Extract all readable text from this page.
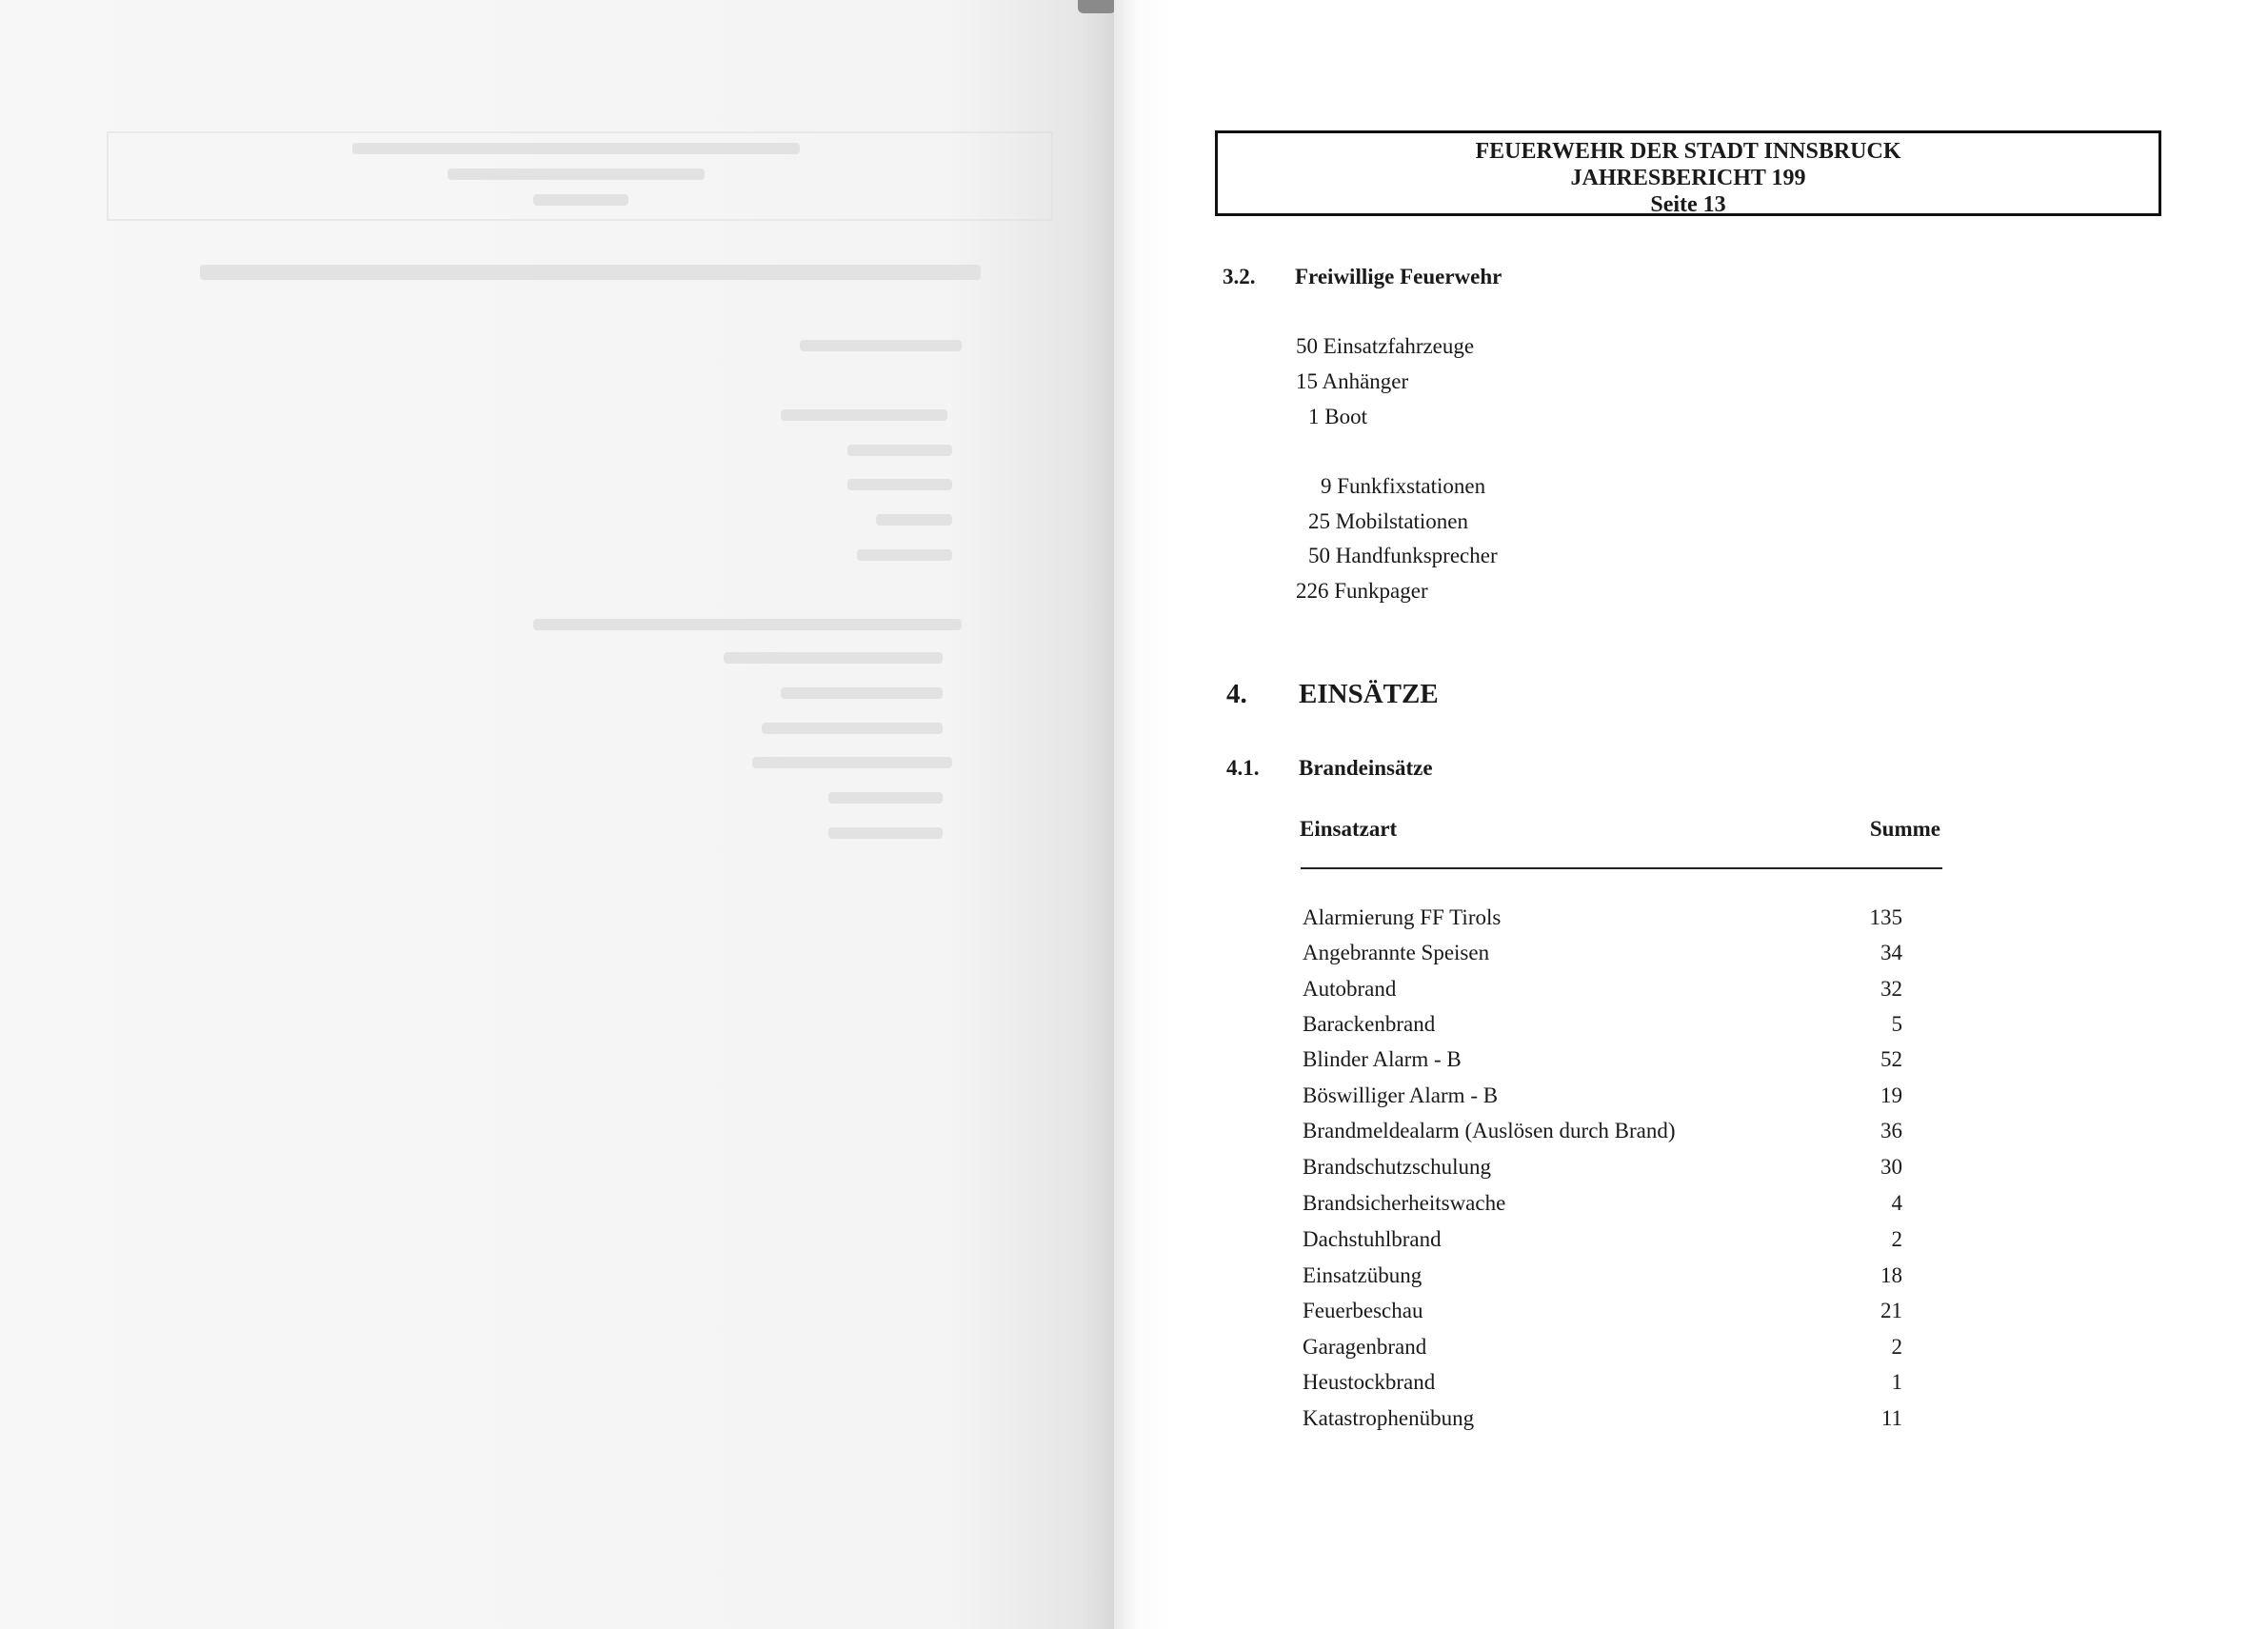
FEUERWEHR DER STADT INNSBRUCK
JAHRESBERICHT 199
Seite 13
3.2. Freiwillige Feuerwehr
50 Einsatzfahrzeuge
15 Anhänger
1 Boot
9 Funkfixstationen
25 Mobilstationen
50 Handfunksprecher
226 Funkpager
4. EINSÄTZE
4.1. Brandeinsätze
Einsatzart	Summe
Alarmierung FF Tirols	135
Angebrannte Speisen	34
Autobrand	32
Barackenbrand	5
Blinder Alarm - B	52
Böswilliger Alarm - B	19
Brandmeldealarm (Auslösen durch Brand)	36
Brandschutzschulung	30
Brandsicherheitswache	4
Dachstuhlbrand	2
Einsatzübung	18
Feuerbeschau	21
Garagenbrand	2
Heustockbrand	1
Katastrophenübung	11
